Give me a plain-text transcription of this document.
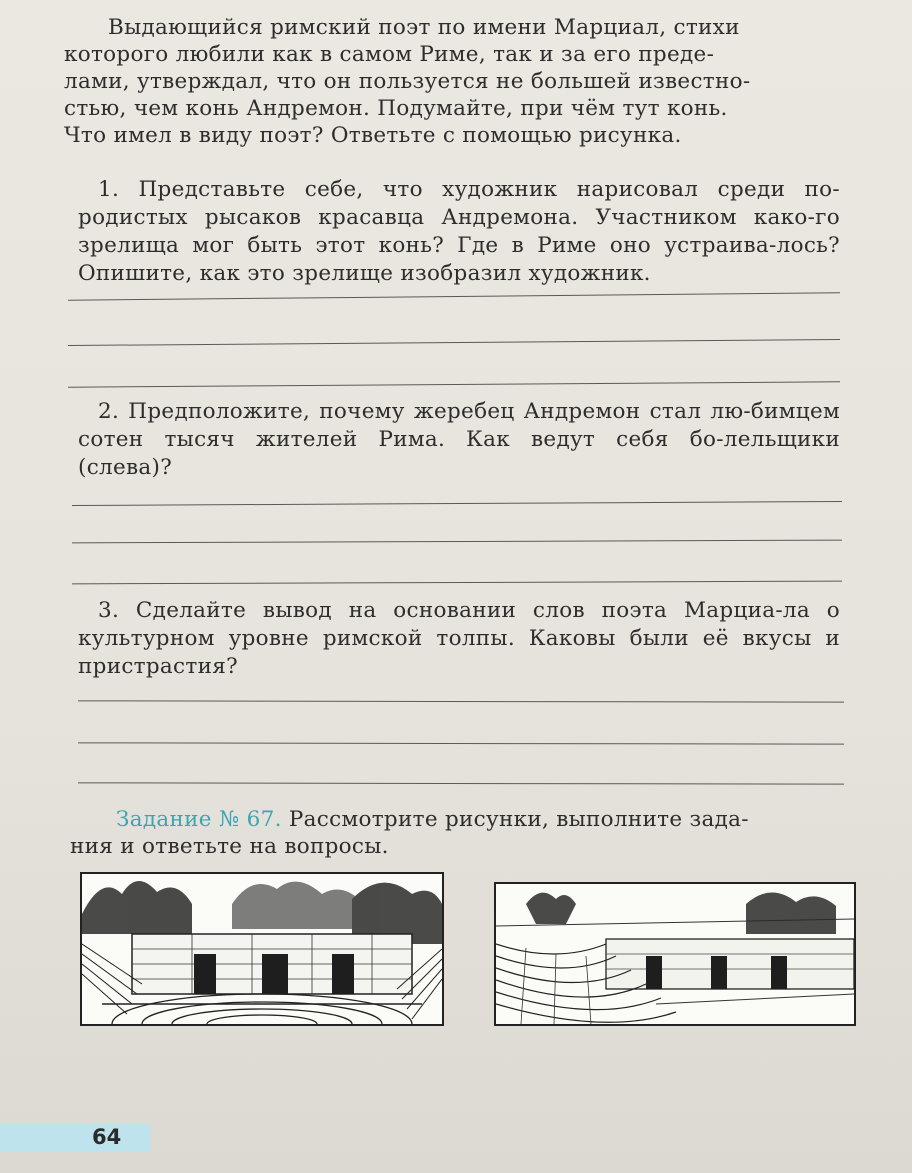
Выдающийся римский поэт по имени Марциал, стихи
которого любили как в самом Риме, так и за его преде-
лами, утверждал, что он пользуется не большей известно-
стью, чем конь Андремон. Подумайте, при чём тут конь.
Что имел в виду поэт? Ответьте с помощью рисунка.

1. Представьте себе, что художник нарисовал среди по-родистых рысаков красавца Андремона. Участником како-го зрелища мог быть этот конь? Где в Риме оно устраива-лось? Опишите, как это зрелище изобразил художник.

2. Предположите, почему жеребец Андремон стал лю-бимцем сотен тысяч жителей Рима. Как ведут себя бо-лельщики (слева)?

3. Сделайте вывод на основании слов поэта Марциа-ла о культурном уровне римской толпы. Каковы были её вкусы и пристрастия?

Задание № 67. Рассмотрите рисунки, выполните зада-
ния и ответьте на вопросы.
64
